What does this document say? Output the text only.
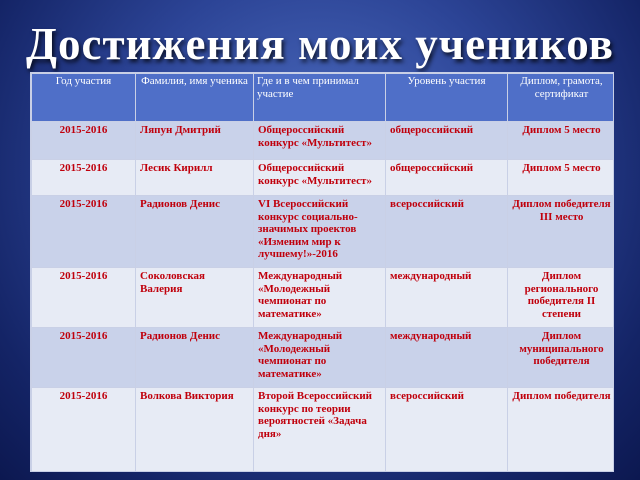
Достижения моих учеников
Год участия	Фамилия, имя ученика	Где и в чем принимал участие	Уровень участия	Диплом, грамота, сертификат
2015-2016	Ляпун Дмитрий	Общероссийский конкурс «Мультитест»	общероссийский	Диплом 5 место
2015-2016	Лесик Кирилл	Общероссийский конкурс «Мультитест»	общероссийский	Диплом 5 место
2015-2016	Радионов Денис	VI Всероссийский конкурс социально-значимых проектов «Изменим мир к лучшему!»-2016	всероссийский	Диплом победителя III место
2015-2016	Соколовская Валерия	Международный «Молодежный чемпионат по математике»	международный	Диплом регионального победителя II степени
2015-2016	Радионов Денис	Международный «Молодежный чемпионат по математике»	международный	Диплом муниципального победителя
2015-2016	Волкова Виктория	Второй Всероссийский конкурс по теории вероятностей «Задача дня»	всероссийский	Диплом победителя
